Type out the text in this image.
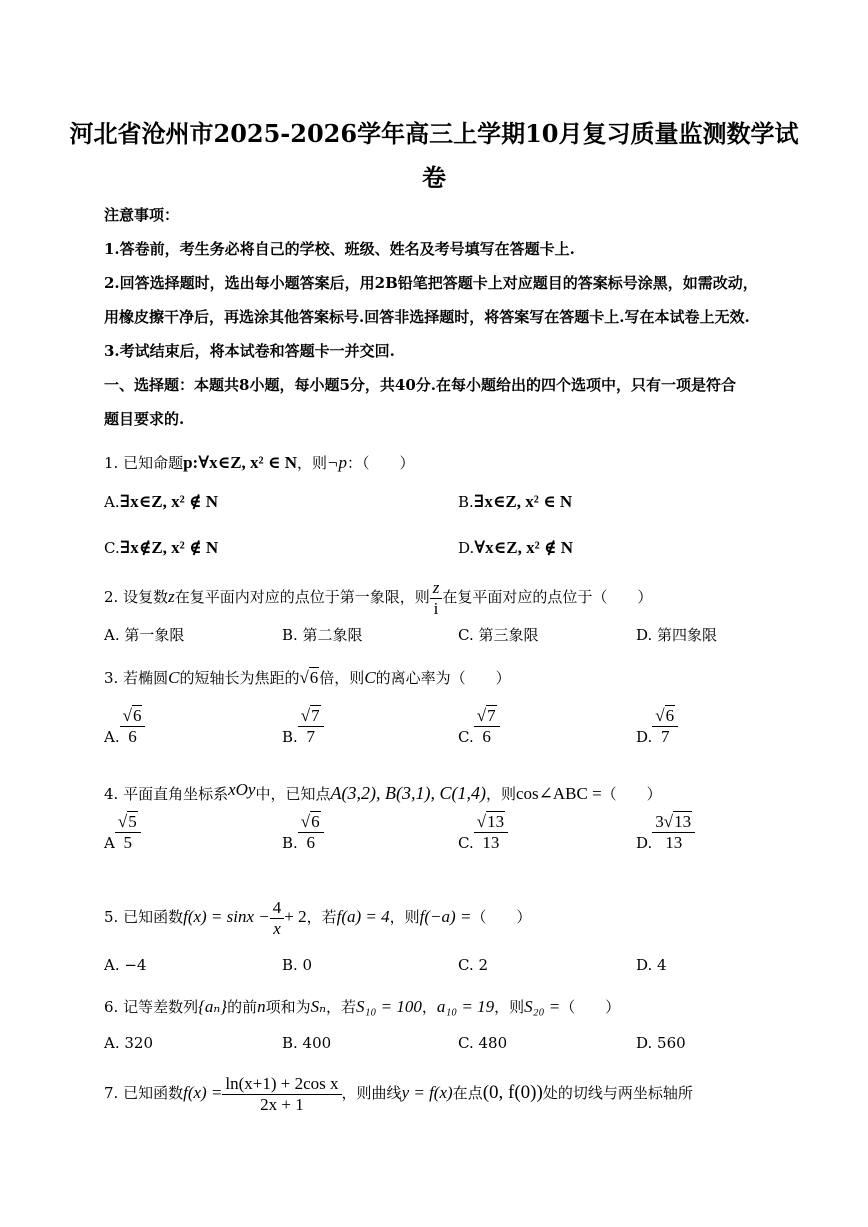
河北省沧州市2025-2026学年高三上学期10月复习质量监测数学试
卷
注意事项：
1.答卷前，考生务必将自己的学校、班级、姓名及考号填写在答题卡上.
2.回答选择题时，选出每小题答案后，用2B铅笔把答题卡上对应题目的答案标号涂黑，如需改动，
用橡皮擦干净后，再选涂其他答案标号.回答非选择题时，将答案写在答题卡上.写在本试卷上无效.
3.考试结束后，将本试卷和答题卡一并交回.
一、选择题：本题共8小题，每小题5分，共40分.在每小题给出的四个选项中，只有一项是符合
题目要求的.
1. 已知命题p:∀x∈Z, x² ∈ N，则¬p：（　　）
A.∃x∈Z, x² ∉ N	B.∃x∈Z, x² ∈ N
C.∃x∉Z, x² ∉ N	D.∀x∈Z, x² ∉ N
2. 设复数z在复平面内对应的点位于第一象限，则 $\frac{z}{i}$ 在复平面对应的点位于（　　）
A. 第一象限	B. 第二象限	C. 第三象限	D. 第四象限
3. 若椭圆C的短轴长为焦距的√6倍，则C的离心率为（　　）
A. $\frac{√6}{6}$	B. $\frac{√7}{7}$	C. $\frac{√7}{6}$	D. $\frac{√6}{7}$
4. 平面直角坐标系xOy中，已知点A(3,2), B(3,1), C(1,4)，则cos∠ABC =（　　）
A $\frac{√5}{5}$	B. $\frac{√6}{6}$	C. $\frac{√13}{13}$	D. $\frac{3√13}{13}$
5. 已知函数$f(x) = \sin x - \frac{4}{x} + 2$，若f(a) = 4，则f(−a) =（　　）
A. −4	B. 0	C. 2	D. 4
6. 记等差数列{aₙ}的前n项和为Sₙ，若S₁₀ = 100，a₁₀ = 19，则S₂₀ =（　　）
A. 320	B. 400	C. 480	D. 560
7. 已知函数$f(x) = \frac{\text{ln(x+1) + 2cos x}}{2x + 1}$ ，则曲线y = f(x)在点(0, f(0))处的切线与两坐标轴所
